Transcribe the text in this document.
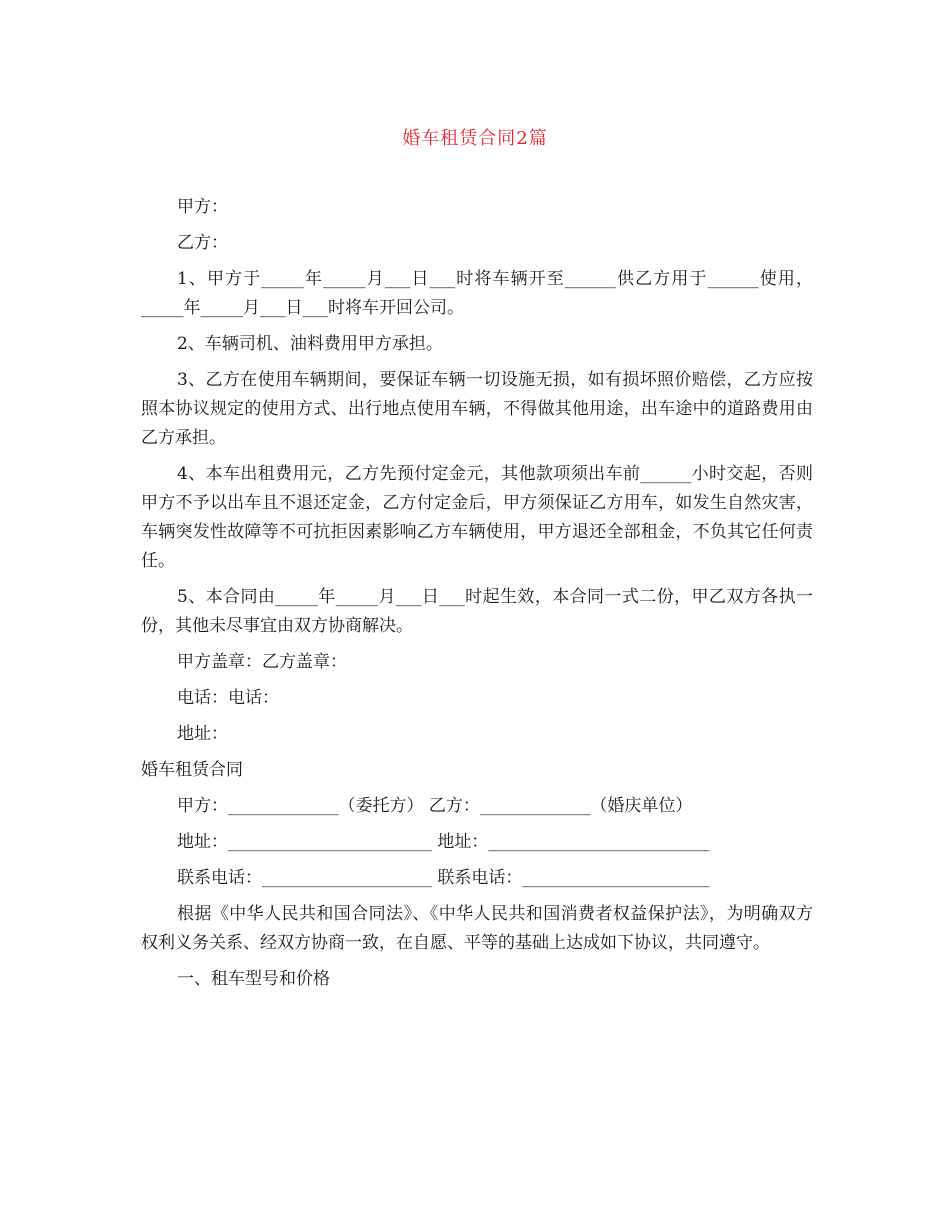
婚车租赁合同2篇

甲方：

乙方：

1、甲方于_____年_____月___日___时将车辆开至______供乙方用于______使用，_____年_____月___日___时将车开回公司。

2、车辆司机、油料费用甲方承担。

3、乙方在使用车辆期间，要保证车辆一切设施无损，如有损坏照价赔偿，乙方应按照本协议规定的使用方式、出行地点使用车辆，不得做其他用途，出车途中的道路费用由乙方承担。

4、本车出租费用元，乙方先预付定金元，其他款项须出车前______小时交起，否则甲方不予以出车且不退还定金，乙方付定金后，甲方须保证乙方用车，如发生自然灾害，车辆突发性故障等不可抗拒因素影响乙方车辆使用，甲方退还全部租金，不负其它任何责任。

5、本合同由_____年_____月___日___时起生效，本合同一式二份，甲乙双方各执一份，其他未尽事宜由双方协商解决。

甲方盖章：乙方盖章：

电话：电话：

地址：

婚车租赁合同

甲方：_____________（委托方） 乙方：_____________（婚庆单位）

地址：________________________ 地址：__________________________

联系电话：____________________ 联系电话：______________________

根据《中华人民共和国合同法》、《中华人民共和国消费者权益保护法》，为明确双方权利义务关系、经双方协商一致，在自愿、平等的基础上达成如下协议，共同遵守。

一、租车型号和价格
